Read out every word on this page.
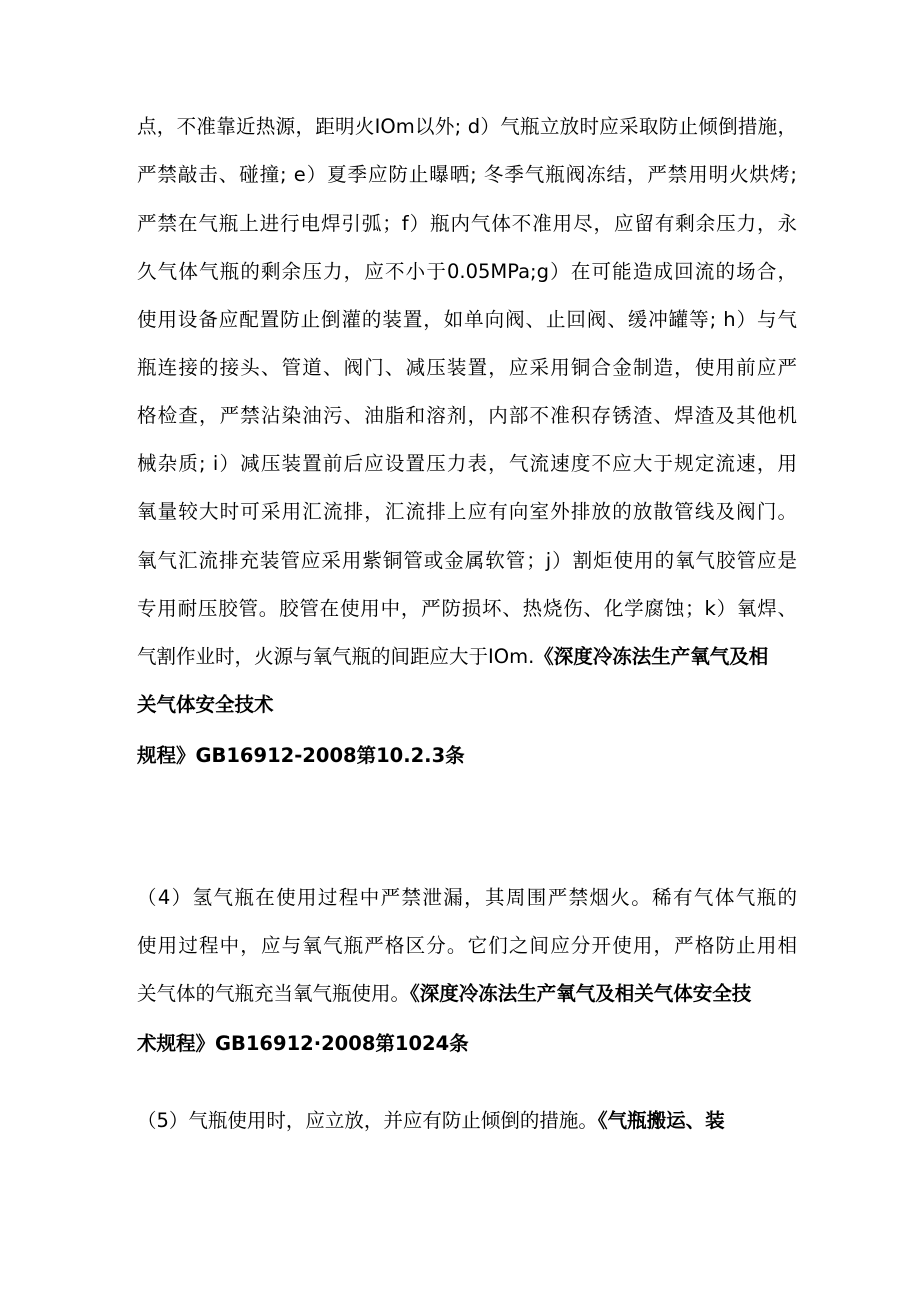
点，不准靠近热源，距明火IOm以外; d）气瓶立放时应采取防止倾倒措施，
严禁敲击、碰撞; e）夏季应防止曝晒; 冬季气瓶阀冻结，严禁用明火烘烤;
严禁在气瓶上进行电焊引弧；f）瓶内气体不准用尽，应留有剩余压力，永
久气体气瓶的剩余压力，应不小于0.05MPa;g）在可能造成回流的场合，
使用设备应配置防止倒灌的装置，如单向阀、止回阀、缓冲罐等; h）与气
瓶连接的接头、管道、阀门、减压装置，应采用铜合金制造，使用前应严
格检查，严禁沾染油污、油脂和溶剂，内部不准积存锈渣、焊渣及其他机
械杂质; i）减压装置前后应设置压力表，气流速度不应大于规定流速，用
氧量较大时可采用汇流排，汇流排上应有向室外排放的放散管线及阀门。
氧气汇流排充装管应采用紫铜管或金属软管；j）割炬使用的氧气胶管应是
专用耐压胶管。胶管在使用中，严防损坏、热烧伤、化学腐蚀；k）氧焊、
气割作业时，火源与氧气瓶的间距应大于IOm.《深度冷冻法生产氧气及相
关气体安全技术
规程》GB16912-2008第10.2.3条
（4）氢气瓶在使用过程中严禁泄漏，其周围严禁烟火。稀有气体气瓶的
使用过程中，应与氧气瓶严格区分。它们之间应分开使用，严格防止用相
关气体的气瓶充当氧气瓶使用。《深度冷冻法生产氧气及相关气体安全技
术规程》GB16912·2008第1024条
（5）气瓶使用时，应立放，并应有防止倾倒的措施。《气瓶搬运、装
